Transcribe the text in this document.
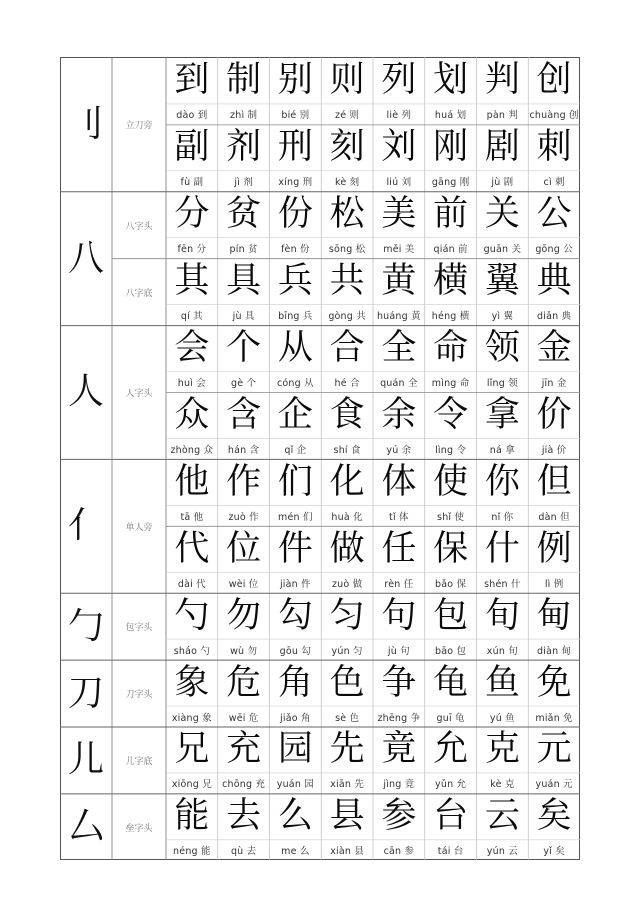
立刀旁
到
dào 到
制
zhì 制
别
bié 别
则
zé 则
列
liè 列
划
huá 划
判
pàn 判
创
chuàng 创
副
fù 副
剂
jì 剂
刑
xíng 刑
刻
kè 刻
刘
liú 刘
刚
gāng 刚
剧
jù 剧
刺
cì 刺
刂
八字头 分
fēn 分
贫
pín 贫
份
fèn 份
松
sōng 松
美
měi 美
前
qián 前
关
guān 关
公
gōng 公
八字底 其
qí 其
具
jù 具
兵
bīng 兵
共
gòng 共
黄
huáng 黄
横
héng 横
翼
yì 翼
典
diǎn 典
八
人字头
会
huì 会
个
gè 个
从
cóng 从
合
hé 合
全
quán 全
命
mìng 命
领
lǐng 领
金
jīn 金
众
zhòng 众
含
hán 含
企
qǐ 企
食
shí 食
余
yú 余
令
lìng 令
拿
ná 拿
价
jià 价
人
单人旁
他
tā 他
作
zuò 作
们
mén 们
化
huà 化
体
tǐ 体
使
shǐ 使
你
nǐ 你
但
dàn 但
代
dài 代
位
wèi 位
件
jiàn 件
做
zuò 做
任
rèn 任
保
bǎo 保
什
shén 什
例
lì 例
亻
包字头 勺
sháo 勺
勿
wù 勿
勾
gōu 勾
匀
yún 匀
句
jù 句
包
bāo 包
旬
xún 旬
甸
diàn 甸
勹
刀字头 象
xiàng 象
危
wēi 危
角
jiǎo 角
色
sè 色
争
zhēng 争
龟
guī 龟
鱼
yú 鱼
免
miǎn 免
刀
儿字底 兄
xiōng 兄
充
chōng 充
园
yuán 园
先
xiān 先
竟
jìng 竟
允
yǔn 允
克
kè 克
元
yuán 元
儿
垒字头 能
néng 能
去
qù 去
么
me 么
县
xiàn 县
参
cān 参
台
tái 台
云
yún 云
矣
yǐ 矣
厶
